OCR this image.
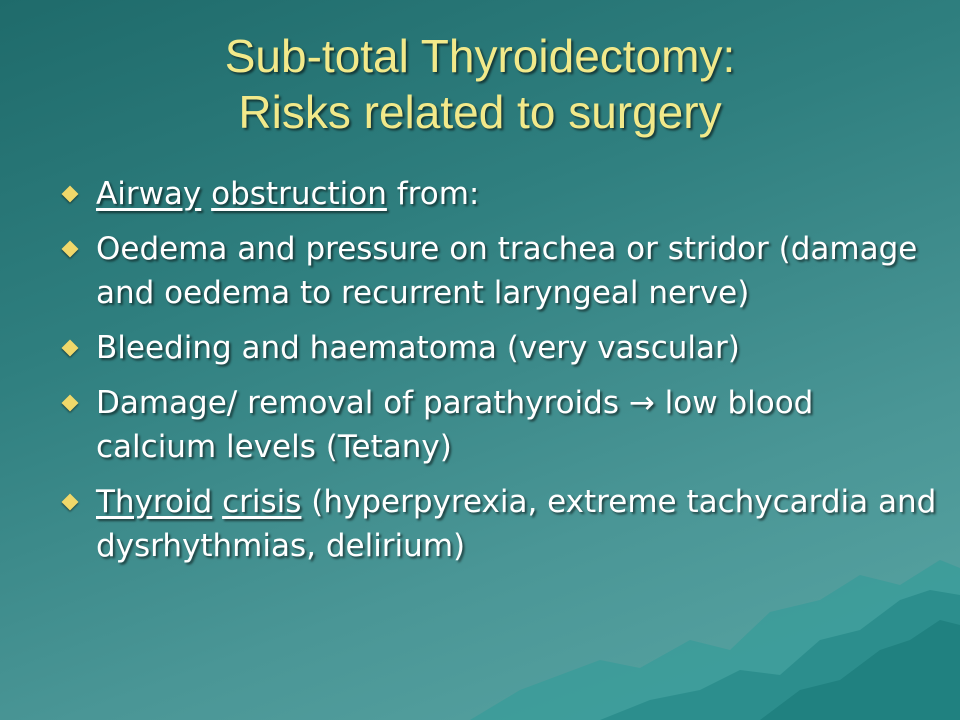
Sub-total Thyroidectomy:
Risks related to surgery
Airway obstruction from:
Oedema and pressure on trachea or stridor (damage and oedema to recurrent laryngeal nerve)
Bleeding and haematoma (very vascular)
Damage/ removal of parathyroids → low blood calcium levels (Tetany)
Thyroid crisis (hyperpyrexia, extreme tachycardia and dysrhythmias, delirium)
